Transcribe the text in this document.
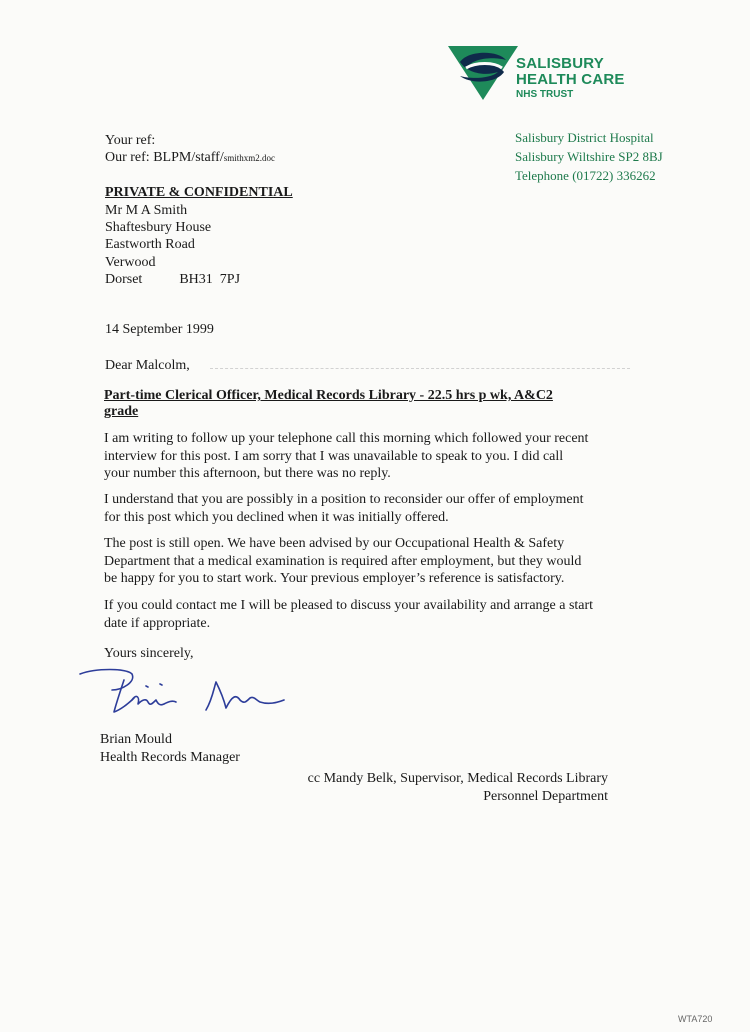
SALISBURY
HEALTH CARE
NHS TRUST
Salisbury District Hospital
Salisbury Wiltshire SP2 8BJ
Telephone (01722) 336262
Your ref:
Our ref: BLPM/staff/smithxm2.doc
PRIVATE & CONFIDENTIAL
Mr M A Smith
Shaftesbury House
Eastworth Road
Verwood
Dorset	BH31  7PJ
14 September 1999
Dear Malcolm,
Part-time Clerical Officer, Medical Records Library - 22.5 hrs p wk, A&C2 grade
I am writing to follow up your telephone call this morning which followed your recent
interview for this post. I am sorry that I was unavailable to speak to you. I did call
your number this afternoon, but there was no reply.
I understand that you are possibly in a position to reconsider our offer of employment
for this post which you declined when it was initially offered.
The post is still open. We have been advised by our Occupational Health & Safety
Department that a medical examination is required after employment, but they would
be happy for you to start work. Your previous employer’s reference is satisfactory.
If you could contact me I will be pleased to discuss your availability and arrange a start
date if appropriate.
Yours sincerely,
Brian Mould
Health Records Manager
cc Mandy Belk, Supervisor, Medical Records Library
Personnel Department
WTA720
